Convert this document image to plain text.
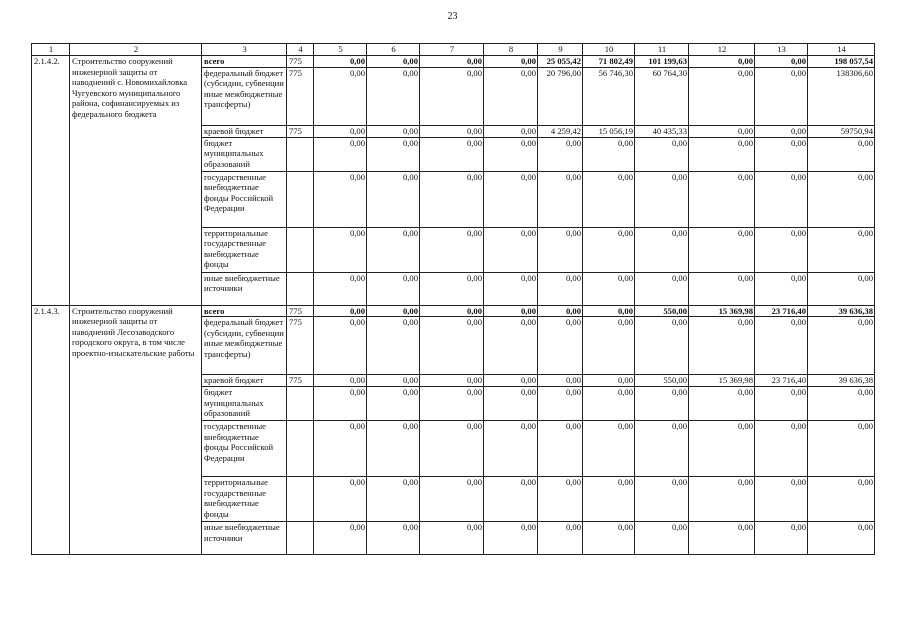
23
1	2	3	4	5	6	7	8	9	10	11	12	13	14
2.1.4.2.	Строительство сооружений инженерной защиты от наводнений с. Новомихайловка Чугуевского муниципального района, софинансируемых из федерального бюджета	всего	775	0,00	0,00	0,00	0,00	25 055,42	71 802,49	101 199,63	0,00	0,00	198 057,54
		федеральный бюджет (субсидии, субвенции иные межбюджетные трансферты)	775	0,00	0,00	0,00	0,00	20 796,00	56 746,30	60 764,30	0,00	0,00	138306,60
		краевой бюджет	775	0,00	0,00	0,00	0,00	4 259,42	15 056,19	40 435,33	0,00	0,00	59750,94
		бюджет муниципальных образований		0,00	0,00	0,00	0,00	0,00	0,00	0,00	0,00	0,00	0,00
		государственные внебюджетные фонды Российской Федерации		0,00	0,00	0,00	0,00	0,00	0,00	0,00	0,00	0,00	0,00
		территориальные государственные внебюджетные фонды		0,00	0,00	0,00	0,00	0,00	0,00	0,00	0,00	0,00	0,00
		иные внебюджетные источники		0,00	0,00	0,00	0,00	0,00	0,00	0,00	0,00	0,00	0,00
2.1.4.3.	Строительство сооружений инженерной защиты от наводнений Лесозаводского городского округа, в том числе проектно-изыскательские работы	всего	775	0,00	0,00	0,00	0,00	0,00	0,00	550,00	15 369,98	23 716,40	39 636,38
		федеральный бюджет (субсидии, субвенции иные межбюджетные трансферты)	775	0,00	0,00	0,00	0,00	0,00	0,00	0,00	0,00	0,00	0,00
		краевой бюджет	775	0,00	0,00	0,00	0,00	0,00	0,00	550,00	15 369,98	23 716,40	39 636,38
		бюджет муниципальных образований		0,00	0,00	0,00	0,00	0,00	0,00	0,00	0,00	0,00	0,00
		государственные внебюджетные фонды Российской Федерации		0,00	0,00	0,00	0,00	0,00	0,00	0,00	0,00	0,00	0,00
		территориальные государственные внебюджетные фонды		0,00	0,00	0,00	0,00	0,00	0,00	0,00	0,00	0,00	0,00
		иные внебюджетные источники		0,00	0,00	0,00	0,00	0,00	0,00	0,00	0,00	0,00	0,00
